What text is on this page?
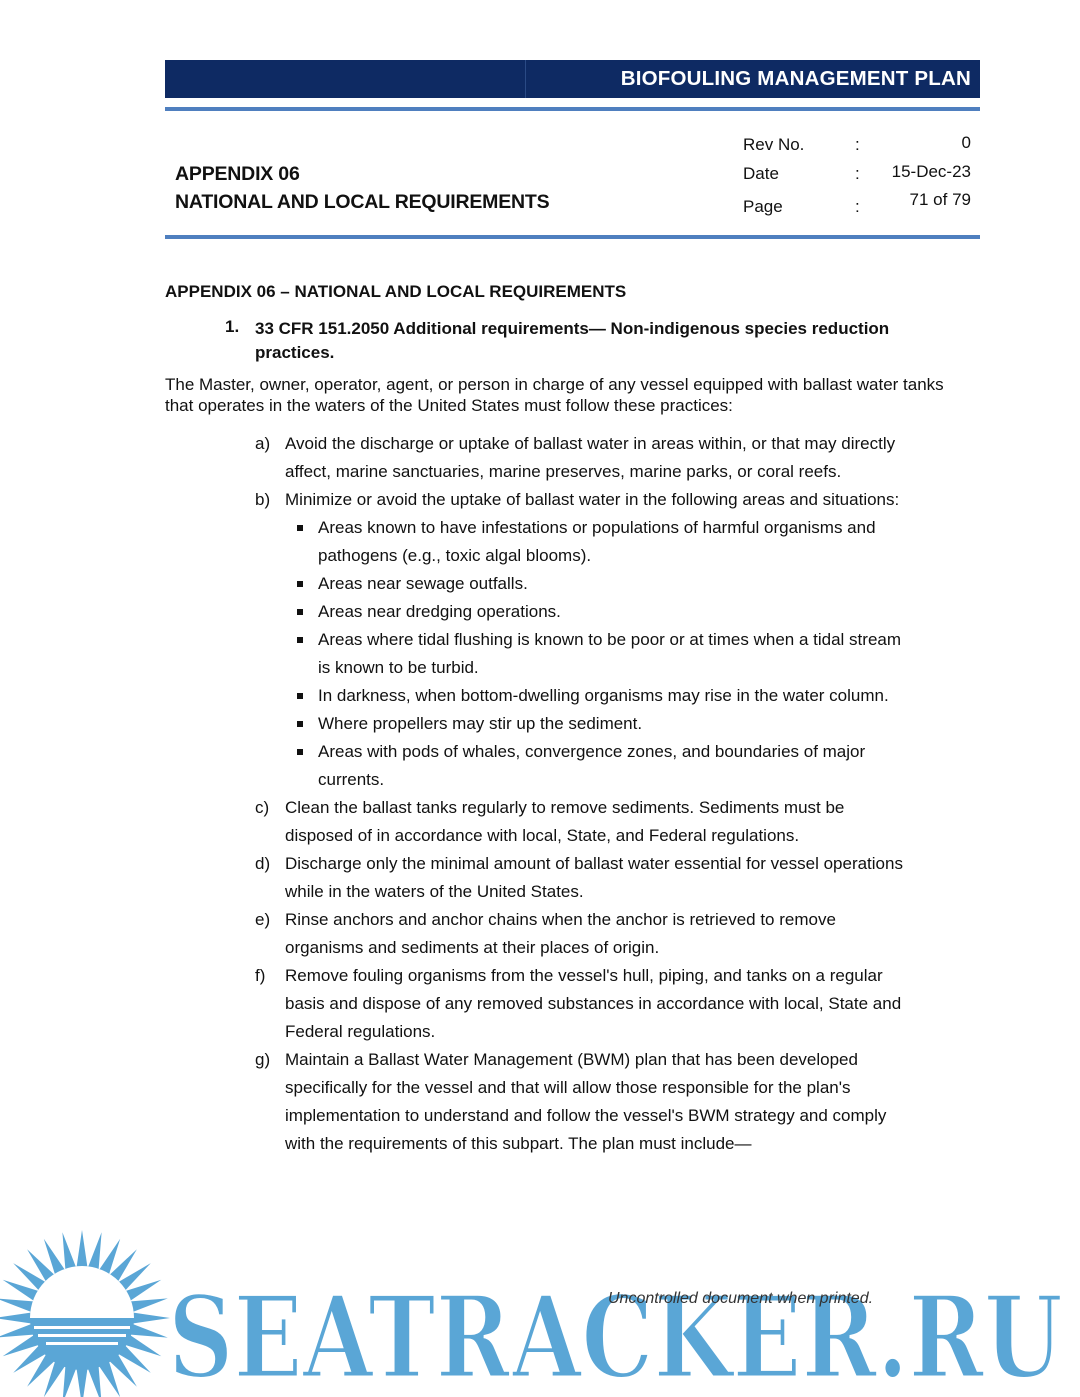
BIOFOULING MANAGEMENT PLAN
APPENDIX 06
NATIONAL AND LOCAL REQUIREMENTS
Rev No.	:	0
Date	: 15-Dec-23
Page	:	71 of 79
APPENDIX 06 – NATIONAL AND LOCAL REQUIREMENTS
1. 33 CFR 151.2050 Additional requirements— Non-indigenous species reduction practices.
The Master, owner, operator, agent, or person in charge of any vessel equipped with ballast water tanks that operates in the waters of the United States must follow these practices:
a) Avoid the discharge or uptake of ballast water in areas within, or that may directly affect, marine sanctuaries, marine preserves, marine parks, or coral reefs.
b) Minimize or avoid the uptake of ballast water in the following areas and situations:
Areas known to have infestations or populations of harmful organisms and pathogens (e.g., toxic algal blooms).
Areas near sewage outfalls.
Areas near dredging operations.
Areas where tidal flushing is known to be poor or at times when a tidal stream is known to be turbid.
In darkness, when bottom-dwelling organisms may rise in the water column.
Where propellers may stir up the sediment.
Areas with pods of whales, convergence zones, and boundaries of major currents.
c) Clean the ballast tanks regularly to remove sediments. Sediments must be disposed of in accordance with local, State, and Federal regulations.
d) Discharge only the minimal amount of ballast water essential for vessel operations while in the waters of the United States.
e) Rinse anchors and anchor chains when the anchor is retrieved to remove organisms and sediments at their places of origin.
f) Remove fouling organisms from the vessel's hull, piping, and tanks on a regular basis and dispose of any removed substances in accordance with local, State and Federal regulations.
g) Maintain a Ballast Water Management (BWM) plan that has been developed specifically for the vessel and that will allow those responsible for the plan's implementation to understand and follow the vessel's BWM strategy and comply with the requirements of this subpart. The plan must include—
SEATRACKER.RU
Uncontrolled document when printed.
